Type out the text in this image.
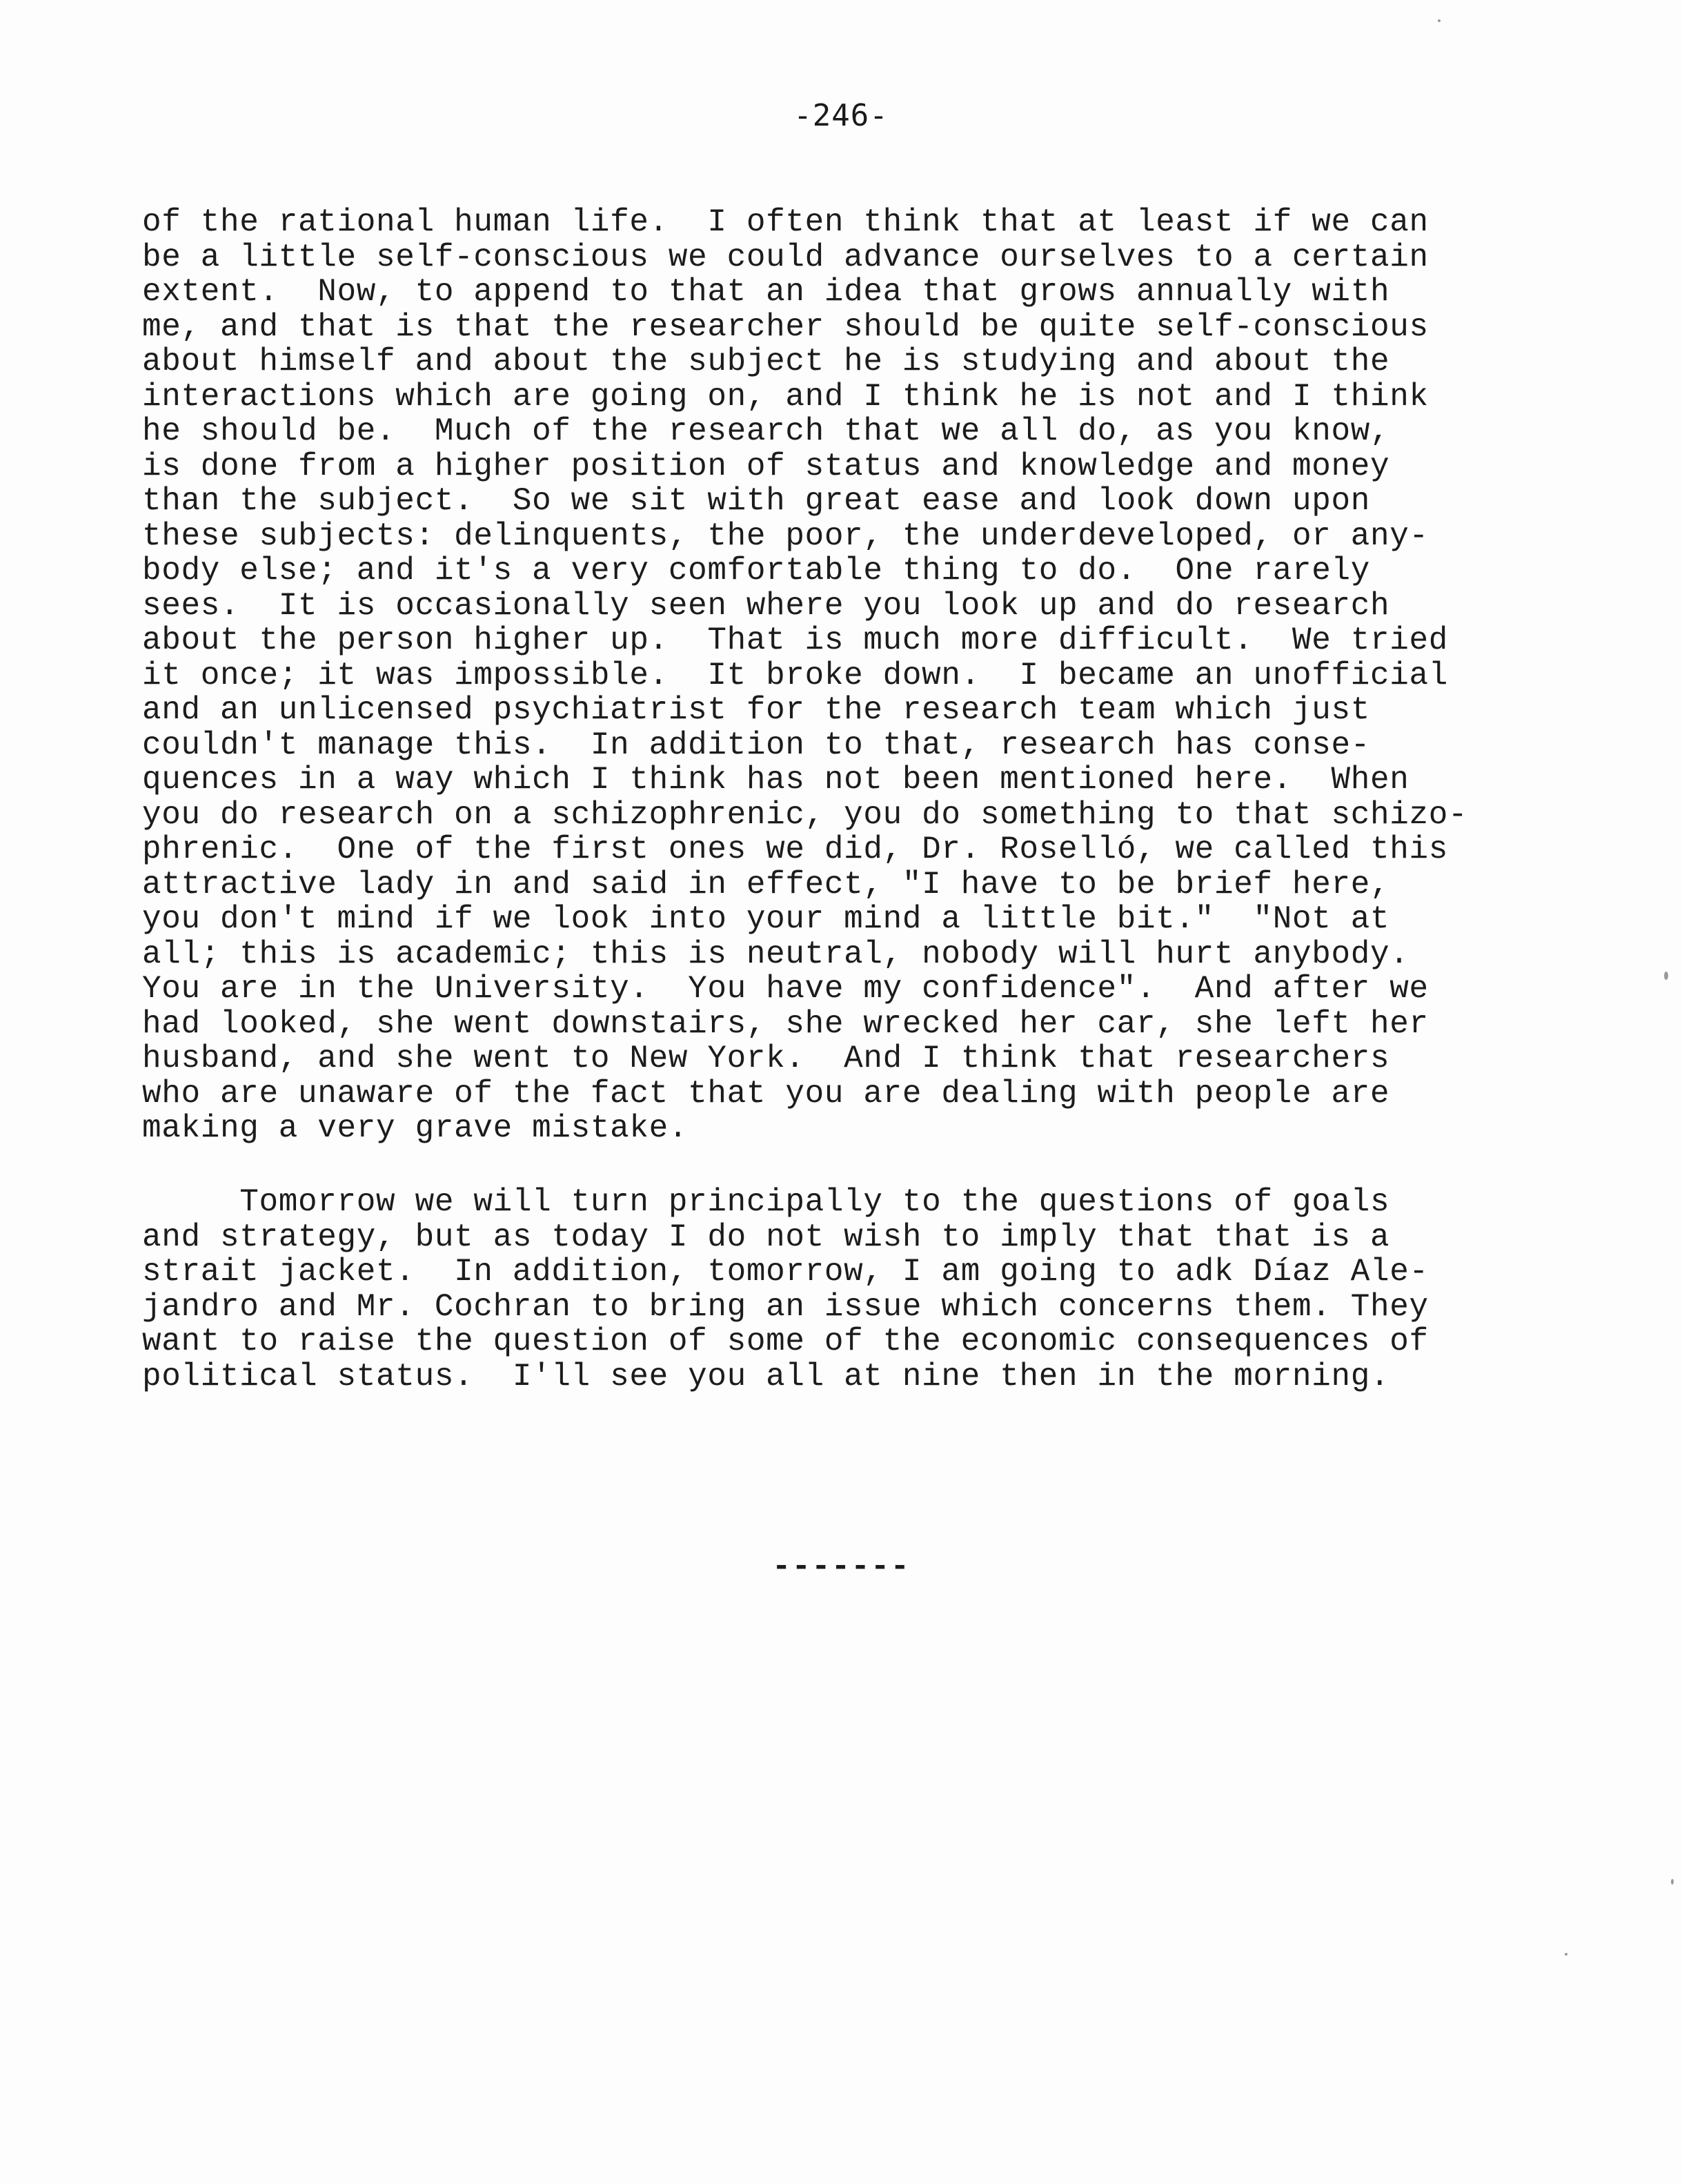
-246-
of the rational human life.  I often think that at least if we can
be a little self-conscious we could advance ourselves to a certain
extent.  Now, to append to that an idea that grows annually with
me, and that is that the researcher should be quite self-conscious
about himself and about the subject he is studying and about the
interactions which are going on, and I think he is not and I think
he should be.  Much of the research that we all do, as you know,
is done from a higher position of status and knowledge and money
than the subject.  So we sit with great ease and look down upon
these subjects: delinquents, the poor, the underdeveloped, or any-
body else; and it's a very comfortable thing to do.  One rarely
sees.  It is occasionally seen where you look up and do research
about the person higher up.  That is much more difficult.  We tried
it once; it was impossible.  It broke down.  I became an unofficial
and an unlicensed psychiatrist for the research team which just
couldn't manage this.  In addition to that, research has conse-
quences in a way which I think has not been mentioned here.  When
you do research on a schizophrenic, you do something to that schizo-
phrenic.  One of the first ones we did, Dr. Roselló, we called this
attractive lady in and said in effect, "I have to be brief here,
you don't mind if we look into your mind a little bit."  "Not at
all; this is academic; this is neutral, nobody will hurt anybody.
You are in the University.  You have my confidence".  And after we
had looked, she went downstairs, she wrecked her car, she left her
husband, and she went to New York.  And I think that researchers
who are unaware of the fact that you are dealing with people are
making a very grave mistake.
Tomorrow we will turn principally to the questions of goals
and strategy, but as today I do not wish to imply that that is a
strait jacket.  In addition, tomorrow, I am going to adk Díaz Ale-
jandro and Mr. Cochran to bring an issue which concerns them. They
want to raise the question of some of the economic consequences of
political status.  I'll see you all at nine then in the morning.
-------
